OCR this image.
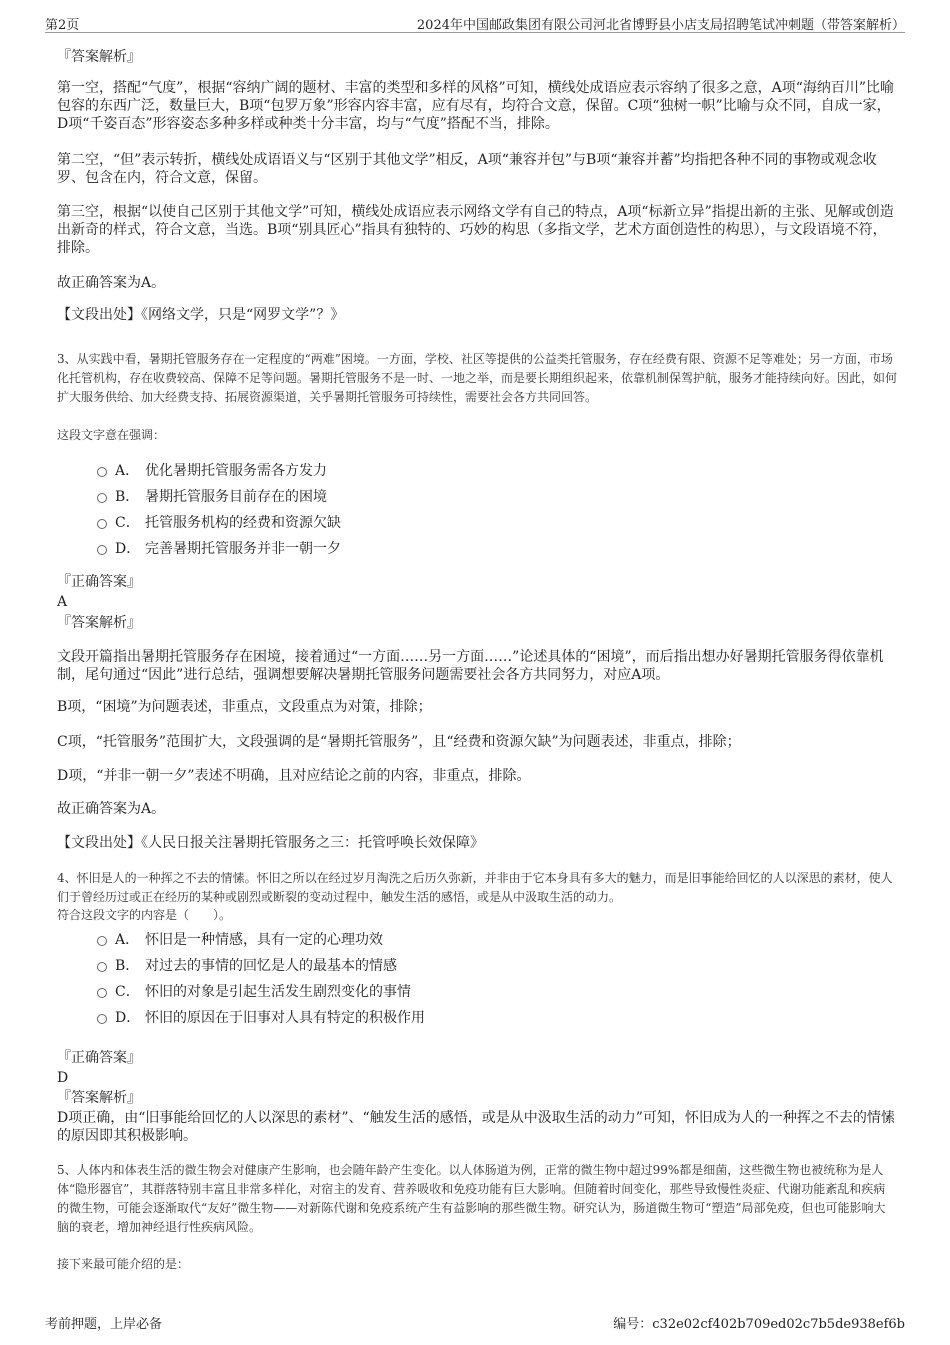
第2页	2024年中国邮政集团有限公司河北省博野县小店支局招聘笔试冲刺题（带答案解析）
『答案解析』
第一空，搭配“气度”，根据“容纳广阔的题材、丰富的类型和多样的风格”可知，横线处成语应表示容纳了很多之意，A项“海纳百川”比喻包容的东西广泛，数量巨大，B项“包罗万象”形容内容丰富，应有尽有，均符合文意，保留。C项“独树一帜”比喻与众不同，自成一家，D项“千姿百态”形容姿态多种多样或种类十分丰富，均与“气度”搭配不当，排除。
第二空，“但”表示转折，横线处成语语义与“区别于其他文学”相反，A项“兼容并包”与B项“兼容并蓄”均指把各种不同的事物或观念收罗、包含在内，符合文意，保留。
第三空，根据“以使自己区别于其他文学”可知，横线处成语应表示网络文学有自己的特点，A项“标新立异”指提出新的主张、见解或创造出新奇的样式，符合文意，当选。B项“别具匠心”指具有独特的、巧妙的构思（多指文学，艺术方面创造性的构思），与文段语境不符，排除。
故正确答案为A。
【文段出处】《网络文学，只是“网罗文学”？》
3、从实践中看，暑期托管服务存在一定程度的“两难”困境。一方面，学校、社区等提供的公益类托管服务，存在经费有限、资源不足等难处；另一方面，市场化托管机构，存在收费较高、保障不足等问题。暑期托管服务不是一时、一地之举，而是要长期组织起来，依靠机制保驾护航，服务才能持续向好。因此，如何扩大服务供给、加大经费支持、拓展资源渠道，关乎暑期托管服务可持续性，需要社会各方共同回答。
这段文字意在强调：
A． 优化暑期托管服务需各方发力
B． 暑期托管服务目前存在的困境
C． 托管服务机构的经费和资源欠缺
D． 完善暑期托管服务并非一朝一夕
『正确答案』
A
『答案解析』
文段开篇指出暑期托管服务存在困境，接着通过“一方面……另一方面……”论述具体的“困境”，而后指出想办好暑期托管服务得依靠机制，尾句通过“因此”进行总结，强调想要解决暑期托管服务问题需要社会各方共同努力，对应A项。
B项，“困境”为问题表述，非重点，文段重点为对策，排除；
C项，“托管服务”范围扩大，文段强调的是“暑期托管服务”，且“经费和资源欠缺”为问题表述，非重点，排除；
D项，“并非一朝一夕”表述不明确，且对应结论之前的内容，非重点，排除。
故正确答案为A。
【文段出处】《人民日报关注暑期托管服务之三：托管呼唤长效保障》
4、怀旧是人的一种挥之不去的情愫。怀旧之所以在经过岁月淘洗之后历久弥新，并非由于它本身具有多大的魅力，而是旧事能给回忆的人以深思的素材，使人们于曾经历过或正在经历的某种或剧烈或断裂的变动过程中，触发生活的感悟，或是从中汲取生活的动力。
符合这段文字的内容是（　　）。
A． 怀旧是一种情感，具有一定的心理功效
B． 对过去的事情的回忆是人的最基本的情感
C． 怀旧的对象是引起生活发生剧烈变化的事情
D． 怀旧的原因在于旧事对人具有特定的积极作用
『正确答案』
D
『答案解析』
D项正确，由“旧事能给回忆的人以深思的素材”、“触发生活的感悟，或是从中汲取生活的动力”可知，怀旧成为人的一种挥之不去的情愫的原因即其积极影响。
5、人体内和体表生活的微生物会对健康产生影响，也会随年龄产生变化。以人体肠道为例，正常的微生物中超过99%都是细菌，这些微生物也被统称为是人体“隐形器官”，其群落特别丰富且非常多样化，对宿主的发育、营养吸收和免疫功能有巨大影响。但随着时间变化，那些导致慢性炎症、代谢功能紊乱和疾病的微生物，可能会逐渐取代“友好”微生物——对新陈代谢和免疫系统产生有益影响的那些微生物。研究认为，肠道微生物可“塑造”局部免疫，但也可能影响大脑的衰老，增加神经退行性疾病风险。
接下来最可能介绍的是：
考前押题，上岸必备	编号：c32e02cf402b709ed02c7b5de938ef6b
